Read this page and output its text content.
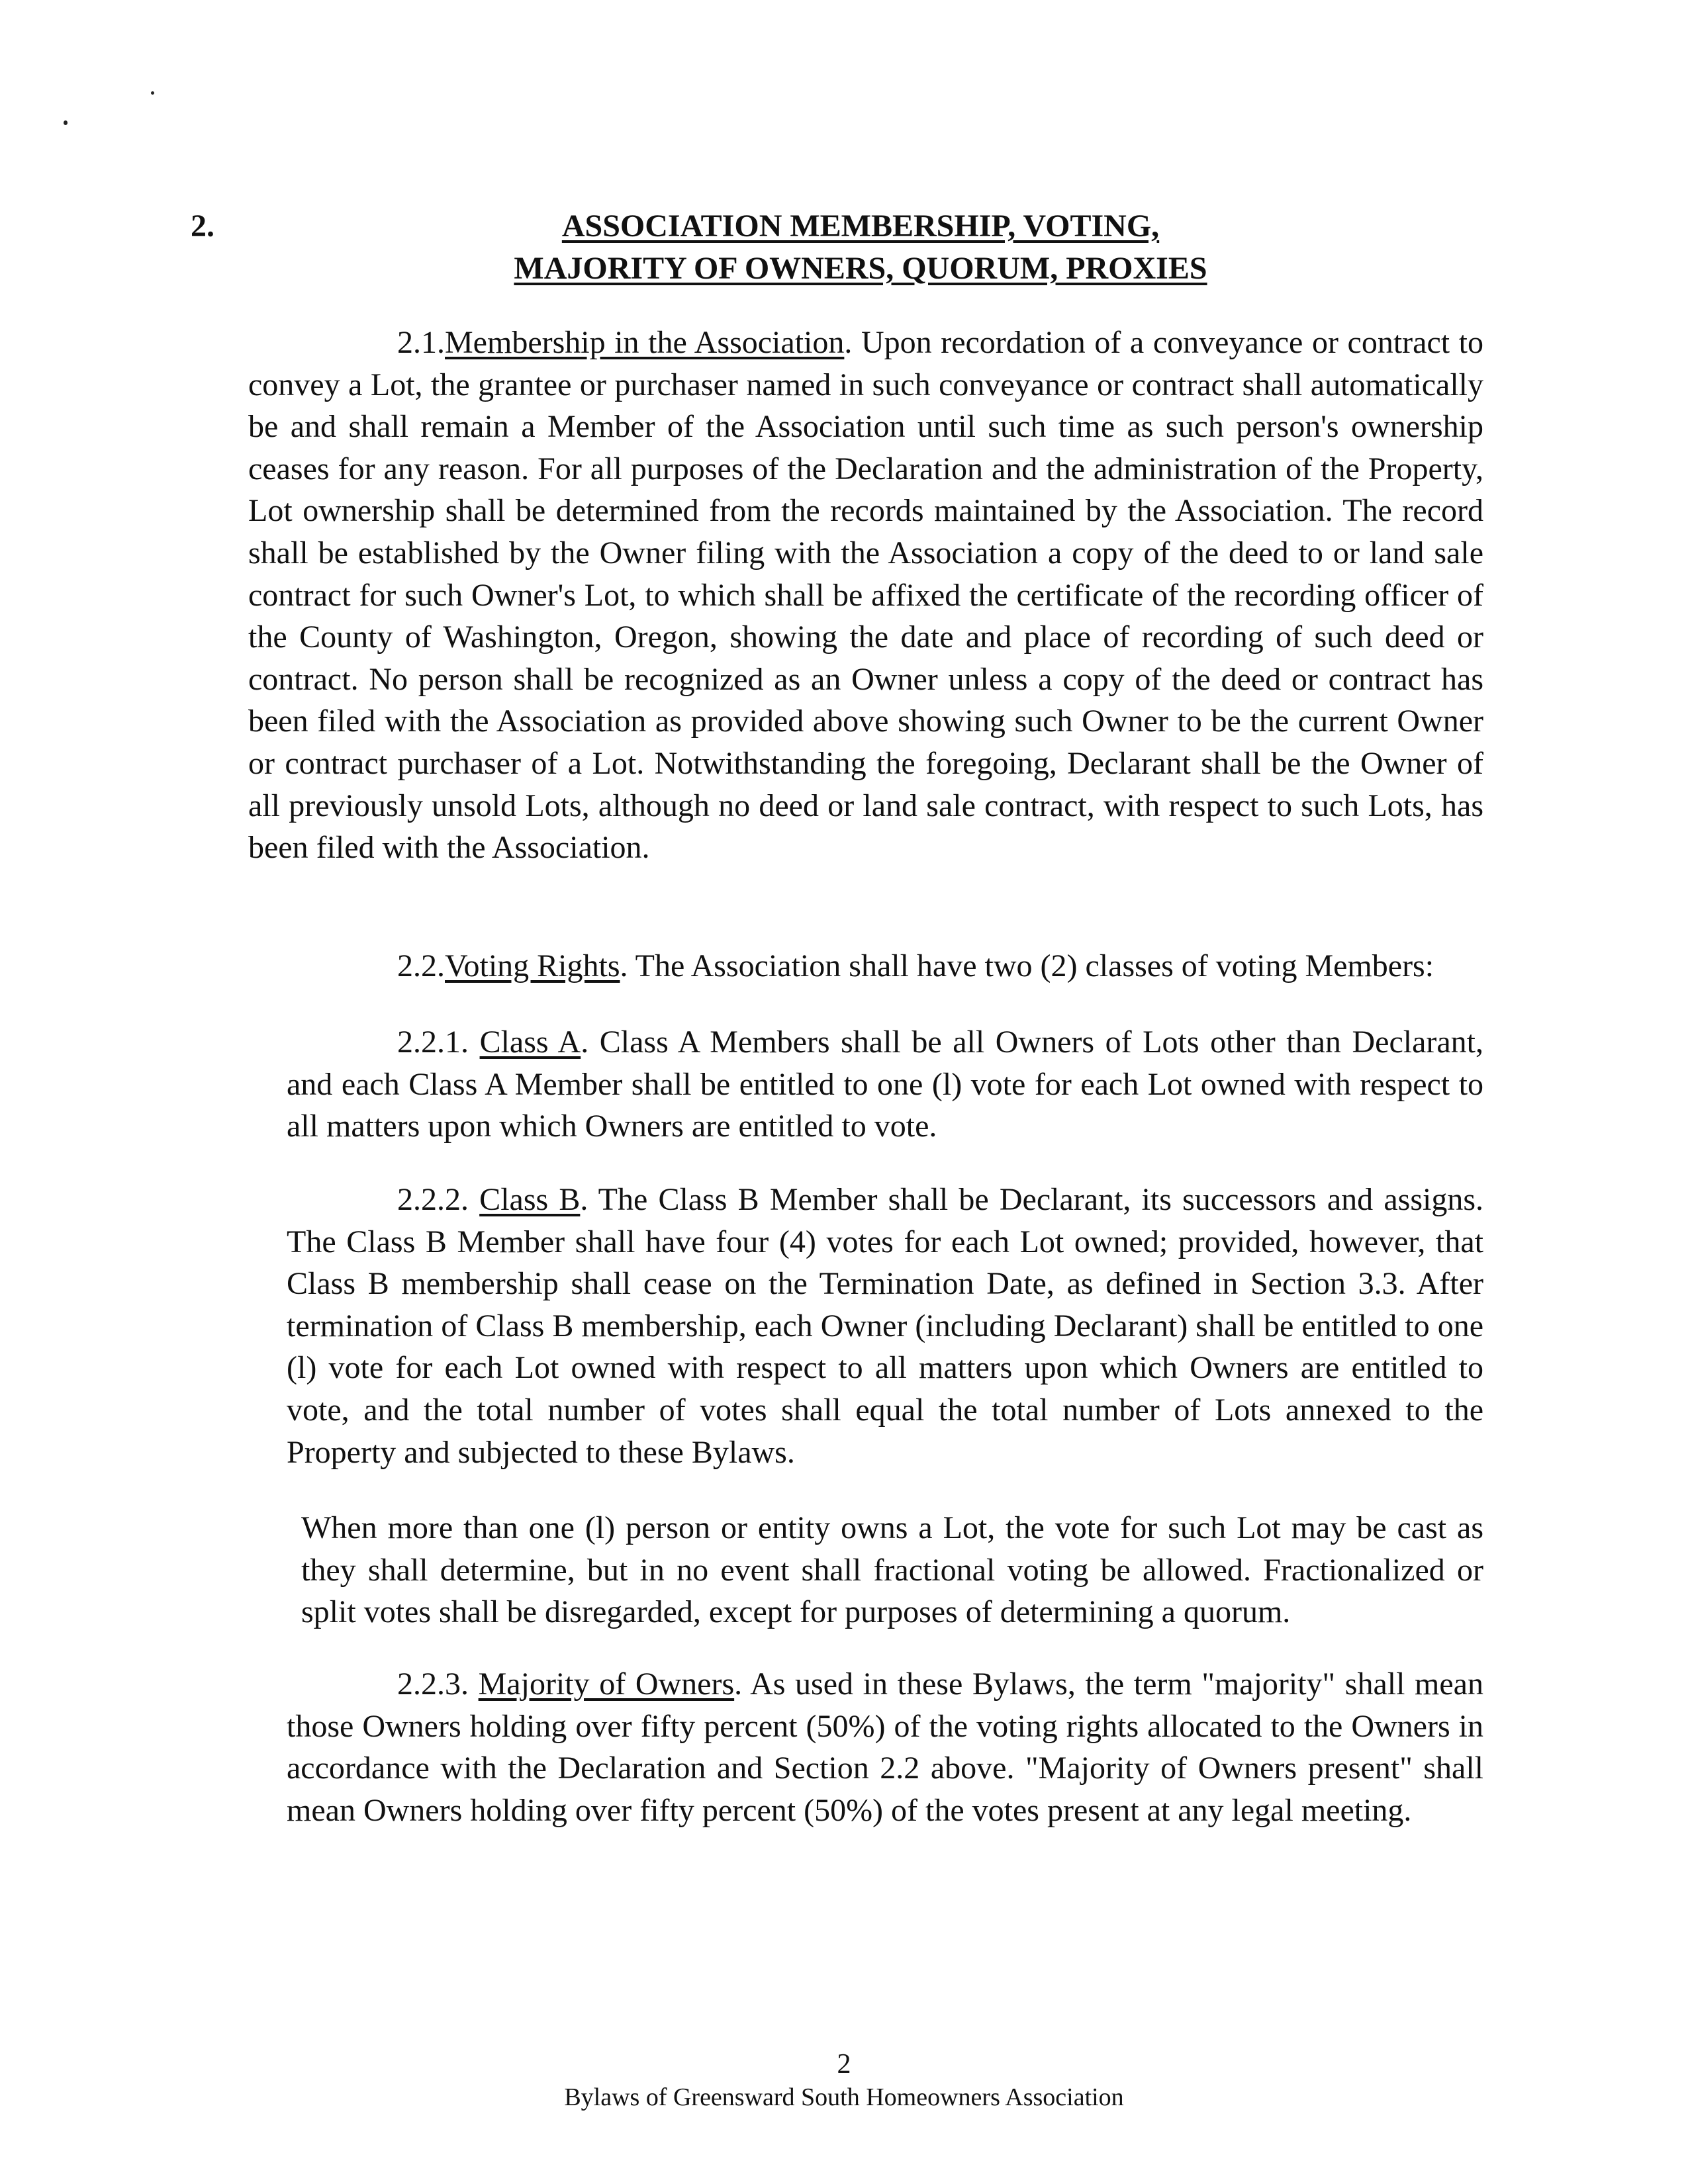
2.	ASSOCIATION MEMBERSHIP, VOTING,
MAJORITY OF OWNERS, QUORUM, PROXIES
2.1.Membership in the Association. Upon recordation of a conveyance or contract to convey a Lot, the grantee or purchaser named in such conveyance or contract shall automatically be and shall remain a Member of the Association until such time as such person's ownership ceases for any reason. For all purposes of the Declaration and the administration of the Property, Lot ownership shall be determined from the records maintained by the Association. The record shall be established by the Owner filing with the Association a copy of the deed to or land sale contract for such Owner's Lot, to which shall be affixed the certificate of the recording officer of the County of Washington, Oregon, showing the date and place of recording of such deed or contract. No person shall be recognized as an Owner unless a copy of the deed or contract has been filed with the Association as provided above showing such Owner to be the current Owner or contract purchaser of a Lot. Notwithstanding the foregoing, Declarant shall be the Owner of all previously unsold Lots, although no deed or land sale contract, with respect to such Lots, has been filed with the Association.
2.2.Voting Rights. The Association shall have two (2) classes of voting Members:
2.2.1. Class A. Class A Members shall be all Owners of Lots other than Declarant, and each Class A Member shall be entitled to one (l) vote for each Lot owned with respect to all matters upon which Owners are entitled to vote.
2.2.2. Class B. The Class B Member shall be Declarant, its successors and assigns. The Class B Member shall have four (4) votes for each Lot owned; provided, however, that Class B membership shall cease on the Termination Date, as defined in Section 3.3. After termination of Class B membership, each Owner (including Declarant) shall be entitled to one (l) vote for each Lot owned with respect to all matters upon which Owners are entitled to vote, and the total number of votes shall equal the total number of Lots annexed to the Property and subjected to these Bylaws.
When more than one (l) person or entity owns a Lot, the vote for such Lot may be cast as they shall determine, but in no event shall fractional voting be allowed. Fractionalized or split votes shall be disregarded, except for purposes of determining a quorum.
2.2.3. Majority of Owners. As used in these Bylaws, the term "majority" shall mean those Owners holding over fifty percent (50%) of the voting rights allocated to the Owners in accordance with the Declaration and Section 2.2 above. "Majority of Owners present" shall mean Owners holding over fifty percent (50%) of the votes present at any legal meeting.
2
Bylaws of Greensward South Homeowners Association
